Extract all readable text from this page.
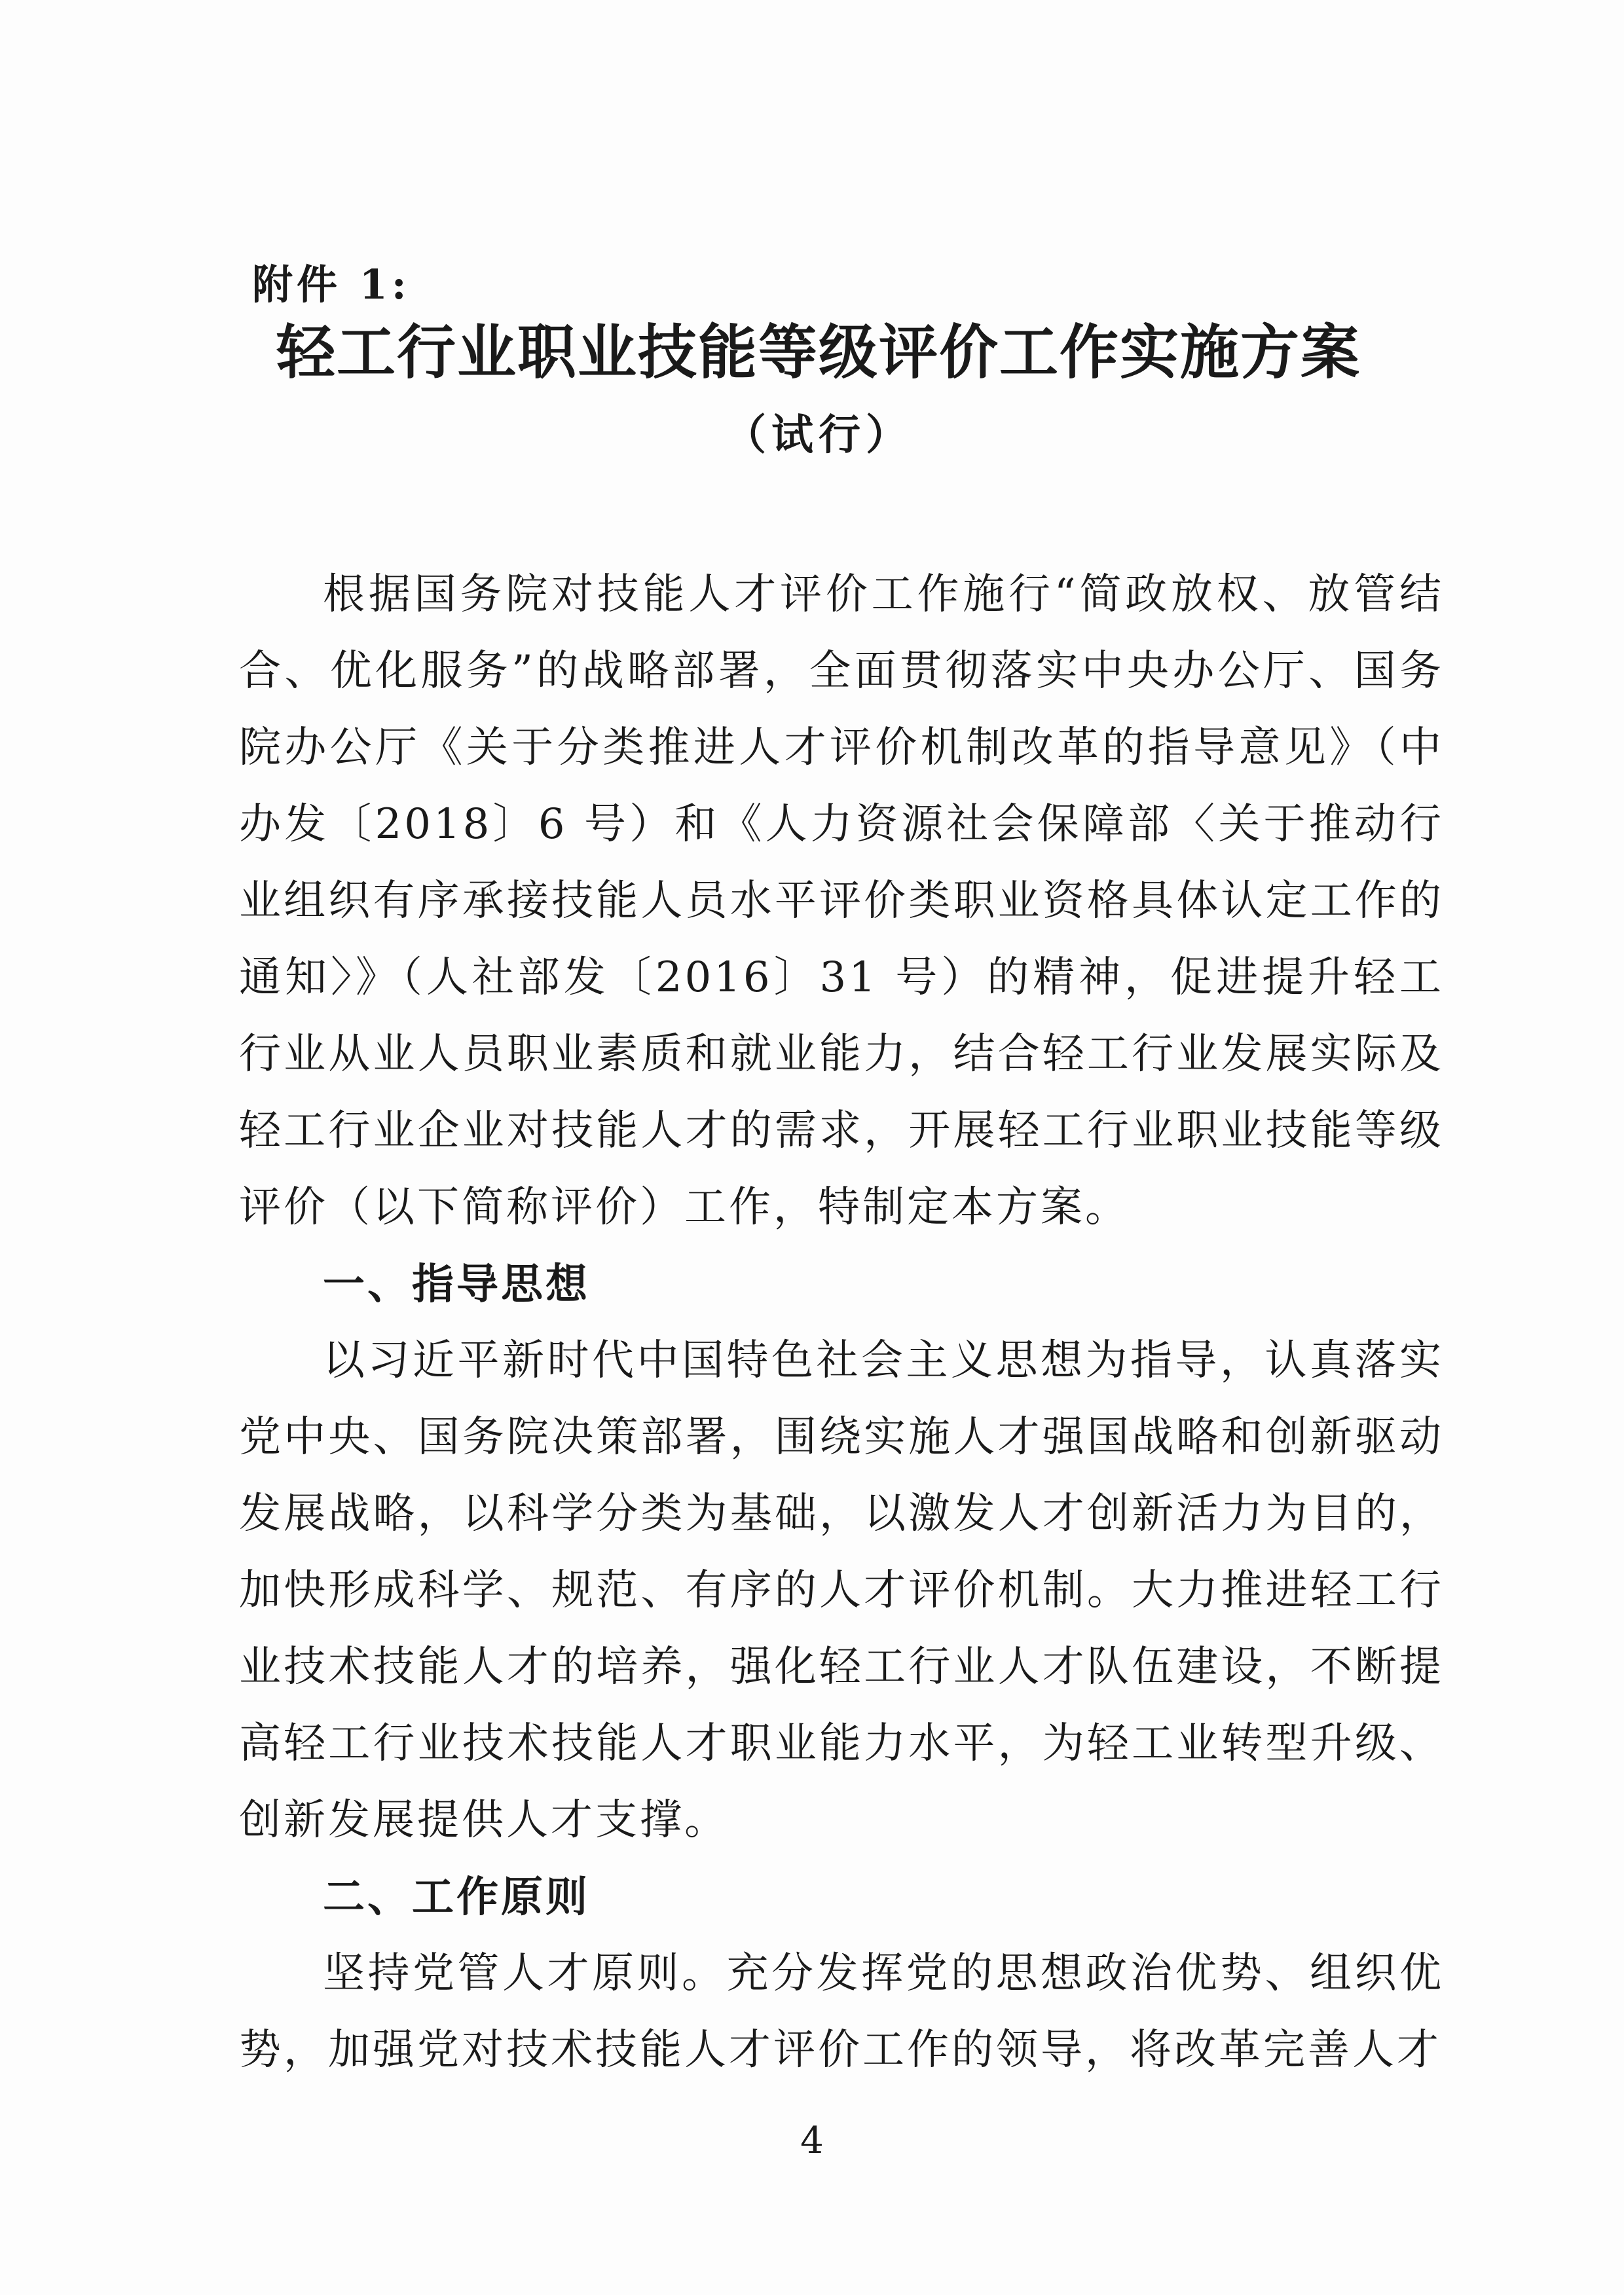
附件 1:
轻工行业职业技能等级评价工作实施方案
（试行）

根据国务院对技能人才评价工作施行“简政放权、放管结合、优化服务”的战略部署，全面贯彻落实中央办公厅、国务院办公厅《关于分类推进人才评价机制改革的指导意见》（中办发〔2018〕6 号）和《人力资源社会保障部〈关于推动行业组织有序承接技能人员水平评价类职业资格具体认定工作的通知〉》（人社部发〔2016〕31 号）的精神，促进提升轻工行业从业人员职业素质和就业能力，结合轻工行业发展实际及轻工行业企业对技能人才的需求，开展轻工行业职业技能等级评价（以下简称评价）工作，特制定本方案。

一、指导思想

以习近平新时代中国特色社会主义思想为指导，认真落实党中央、国务院决策部署，围绕实施人才强国战略和创新驱动发展战略，以科学分类为基础，以激发人才创新活力为目的，加快形成科学、规范、有序的人才评价机制。大力推进轻工行业技术技能人才的培养，强化轻工行业人才队伍建设，不断提高轻工行业技术技能人才职业能力水平，为轻工业转型升级、创新发展提供人才支撑。

二、工作原则

坚持党管人才原则。充分发挥党的思想政治优势、组织优势，加强党对技术技能人才评价工作的领导，将改革完善人才

4
